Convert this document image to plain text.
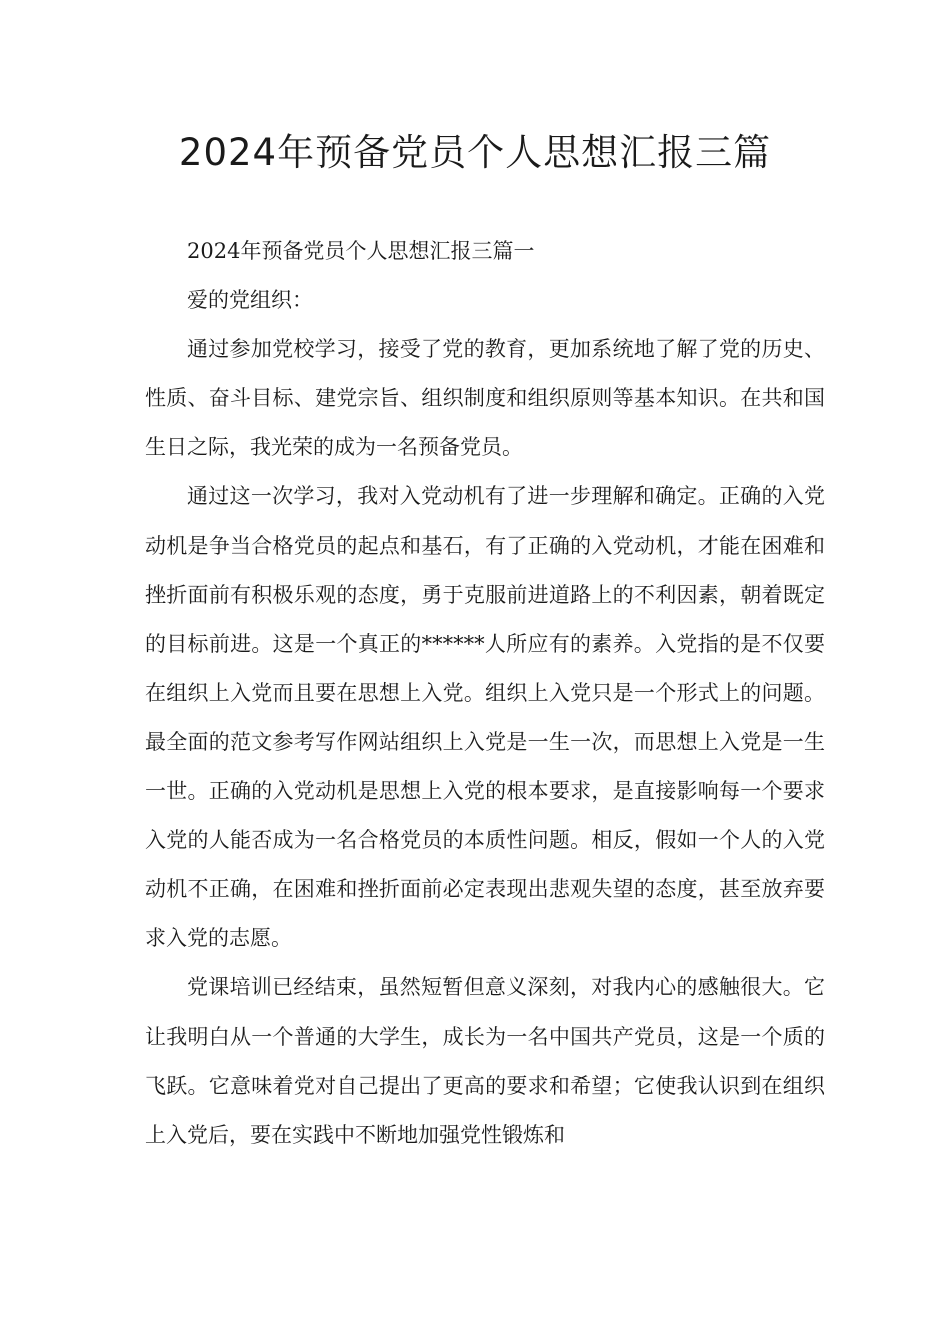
2024年预备党员个人思想汇报三篇

2024年预备党员个人思想汇报三篇一

爱的党组织：

通过参加党校学习，接受了党的教育，更加系统地了解了党的历史、性质、奋斗目标、建党宗旨、组织制度和组织原则等基本知识。在共和国生日之际，我光荣的成为一名预备党员。

通过这一次学习，我对入党动机有了进一步理解和确定。正确的入党动机是争当合格党员的起点和基石，有了正确的入党动机，才能在困难和挫折面前有积极乐观的态度，勇于克服前进道路上的不利因素，朝着既定的目标前进。这是一个真正的******人所应有的素养。入党指的是不仅要在组织上入党而且要在思想上入党。组织上入党只是一个形式上的问题。最全面的范文参考写作网站组织上入党是一生一次，而思想上入党是一生一世。正确的入党动机是思想上入党的根本要求，是直接影响每一个要求入党的人能否成为一名合格党员的本质性问题。相反，假如一个人的入党动机不正确，在困难和挫折面前必定表现出悲观失望的态度，甚至放弃要求入党的志愿。

党课培训已经结束，虽然短暂但意义深刻，对我内心的感触很大。它让我明白从一个普通的大学生，成长为一名中国共产党员，这是一个质的飞跃。它意味着党对自己提出了更高的要求和希望；它使我认识到在组织上入党后，要在实践中不断地加强党性锻炼和
